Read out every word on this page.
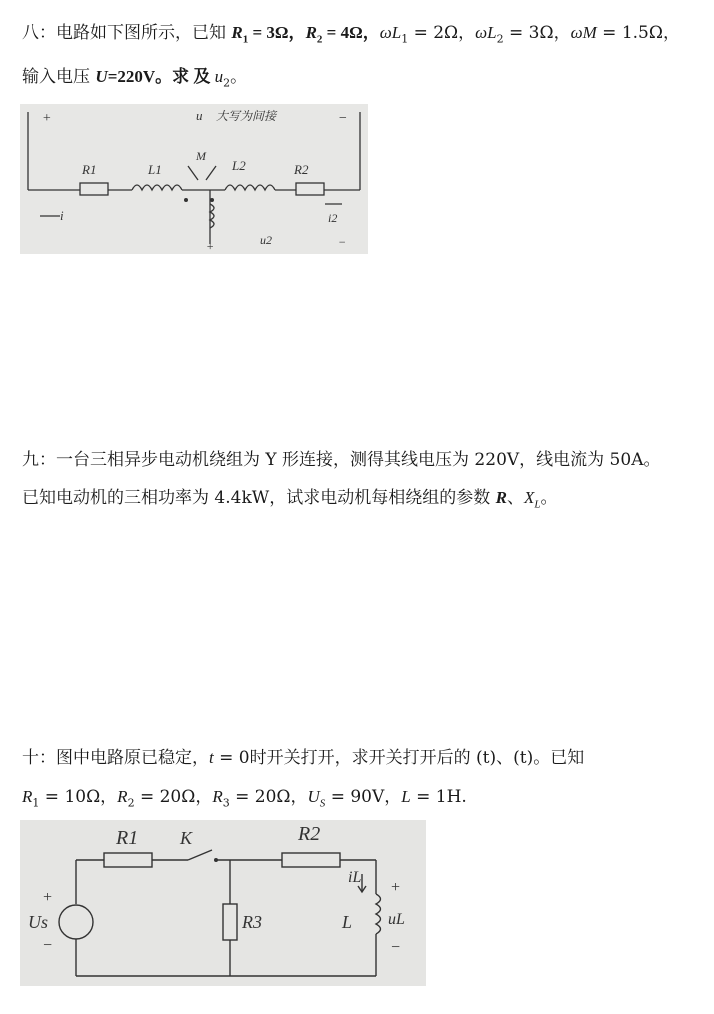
八：电路如下图所示，已知 $R_1 = 3\Omega$，$R_2 = 4\Omega$，$\omega L_1 = 2\Omega$，$\omega L_2 = 3\Omega$，ωM = 1.5Ω，
输入电压 U=220V。求 及 $u_2$。
+	−
u 大写为间接
R1	L1
M
L2	R2
i	i2
+	u2	−
九：一台三相异步电动机绕组为 Y 形连接，测得其线电压为 220V，线电流为 50A。
已知电动机的三相功率为 4.4kW，试求电动机每相绕组的参数 R、$X_L$。
十：图中电路原已稳定，t = 0时开关打开，求开关打开后的 (t)、(t)。已知
$R_1 = 10\Omega$，$R_2 = 20\Omega$，$R_3 = 20\Omega$，$U_S = 90V$，L = 1H.
R1 K	R2
+
Us
−
R3	L
iL
+
uL
−
